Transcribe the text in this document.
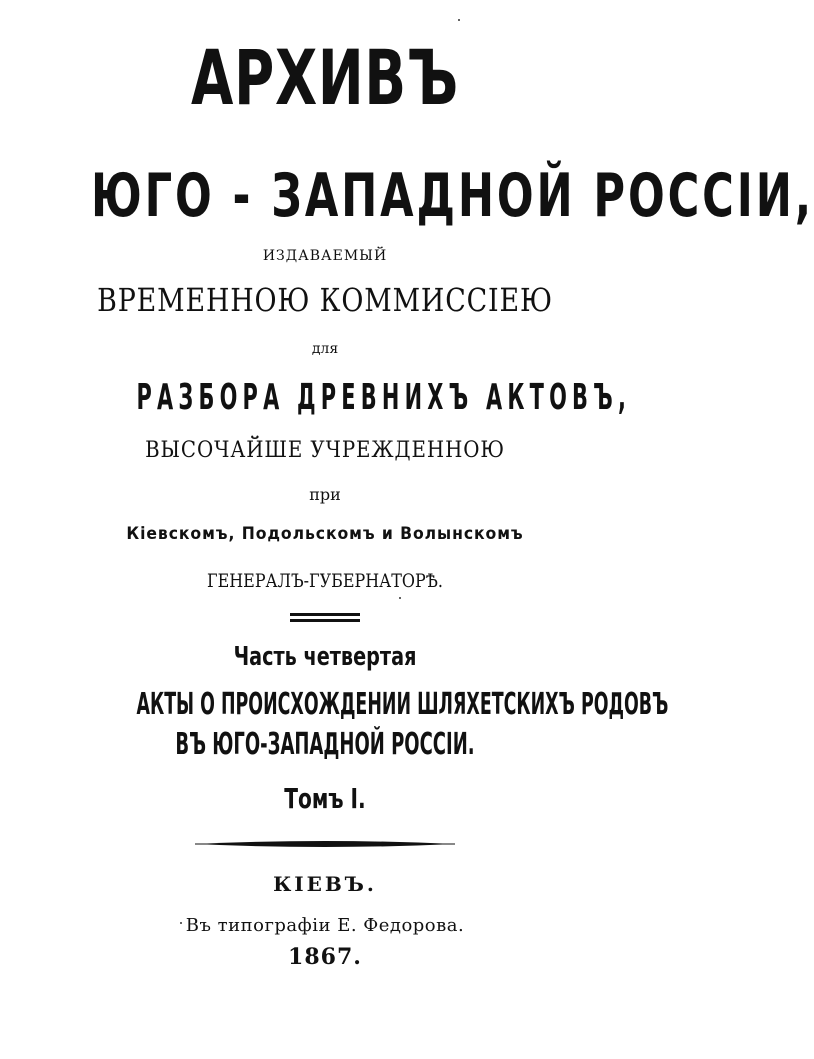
АРХИВЪ
ЮГО - ЗАПАДНОЙ РОССІИ,
ИЗДАВАЕМЫЙ
ВРЕМЕННОЮ КОММИССІЕЮ
для
РАЗБОРА ДРЕВНИХЪ АКТОВЪ,
ВЫСОЧАЙШЕ УЧРЕЖДЕННОЮ
при
Кіевскомъ, Подольскомъ и Волынскомъ
ГЕНЕРАЛЪ-ГУБЕРНАТОРѢ.
Часть четвертая
АКТЫ О ПРОИСХОЖДЕНИИ ШЛЯХЕТСКИХЪ РОДОВЪ
ВЪ ЮГО-ЗАПАДНОЙ РОССІИ.
Томъ I.
КІЕВЪ.
Въ типографіи Е. Федорова.
1867.
